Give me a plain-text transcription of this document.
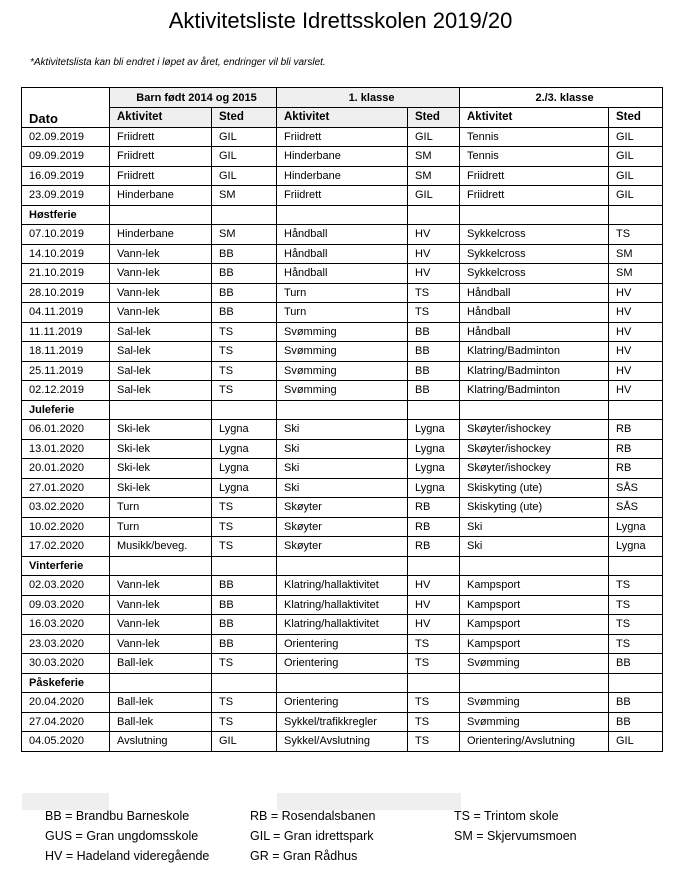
Aktivitetsliste Idrettsskolen 2019/20
*Aktivitetslista kan bli endret i løpet av året, endringer vil bli varslet.
	Barn født 2014 og 2015		1. klasse		2./3. klasse	
Dato	Aktivitet	Sted	Aktivitet	Sted	Aktivitet	Sted
02.09.2019	Friidrett	GIL	Friidrett	GIL	Tennis	GIL
09.09.2019	Friidrett	GIL	Hinderbane	SM	Tennis	GIL
16.09.2019	Friidrett	GIL	Hinderbane	SM	Friidrett	GIL
23.09.2019	Hinderbane	SM	Friidrett	GIL	Friidrett	GIL
Høstferie						
07.10.2019	Hinderbane	SM	Håndball	HV	Sykkelcross	TS
14.10.2019	Vann-lek	BB	Håndball	HV	Sykkelcross	SM
21.10.2019	Vann-lek	BB	Håndball	HV	Sykkelcross	SM
28.10.2019	Vann-lek	BB	Turn	TS	Håndball	HV
04.11.2019	Vann-lek	BB	Turn	TS	Håndball	HV
11.11.2019	Sal-lek	TS	Svømming	BB	Håndball	HV
18.11.2019	Sal-lek	TS	Svømming	BB	Klatring/Badminton	HV
25.11.2019	Sal-lek	TS	Svømming	BB	Klatring/Badminton	HV
02.12.2019	Sal-lek	TS	Svømming	BB	Klatring/Badminton	HV
Juleferie						
06.01.2020	Ski-lek	Lygna	Ski	Lygna	Skøyter/ishockey	RB
13.01.2020	Ski-lek	Lygna	Ski	Lygna	Skøyter/ishockey	RB
20.01.2020	Ski-lek	Lygna	Ski	Lygna	Skøyter/ishockey	RB
27.01.2020	Ski-lek	Lygna	Ski	Lygna	Skiskyting (ute)	SÅS
03.02.2020	Turn	TS	Skøyter	RB	Skiskyting (ute)	SÅS
10.02.2020	Turn	TS	Skøyter	RB	Ski	Lygna
17.02.2020	Musikk/beveg.	TS	Skøyter	RB	Ski	Lygna
Vinterferie						
02.03.2020	Vann-lek	BB	Klatring/hallaktivitet	HV	Kampsport	TS
09.03.2020	Vann-lek	BB	Klatring/hallaktivitet	HV	Kampsport	TS
16.03.2020	Vann-lek	BB	Klatring/hallaktivitet	HV	Kampsport	TS
23.03.2020	Vann-lek	BB	Orientering	TS	Kampsport	TS
30.03.2020	Ball-lek	TS	Orientering	TS	Svømming	BB
Påskeferie						
20.04.2020	Ball-lek	TS	Orientering	TS	Svømming	BB
27.04.2020	Ball-lek	TS	Sykkel/trafikkregler	TS	Svømming	BB
04.05.2020	Avslutning	GIL	Sykkel/Avslutning	TS	Orientering/Avslutning	GIL
BB = Brandbu Barneskole	RB = Rosendalsbanen	TS = Trintom skole
GUS = Gran ungdomsskole	GIL = Gran idrettspark	SM = Skjervumsmoen
HV = Hadeland videregående	GR = Gran Rådhus
